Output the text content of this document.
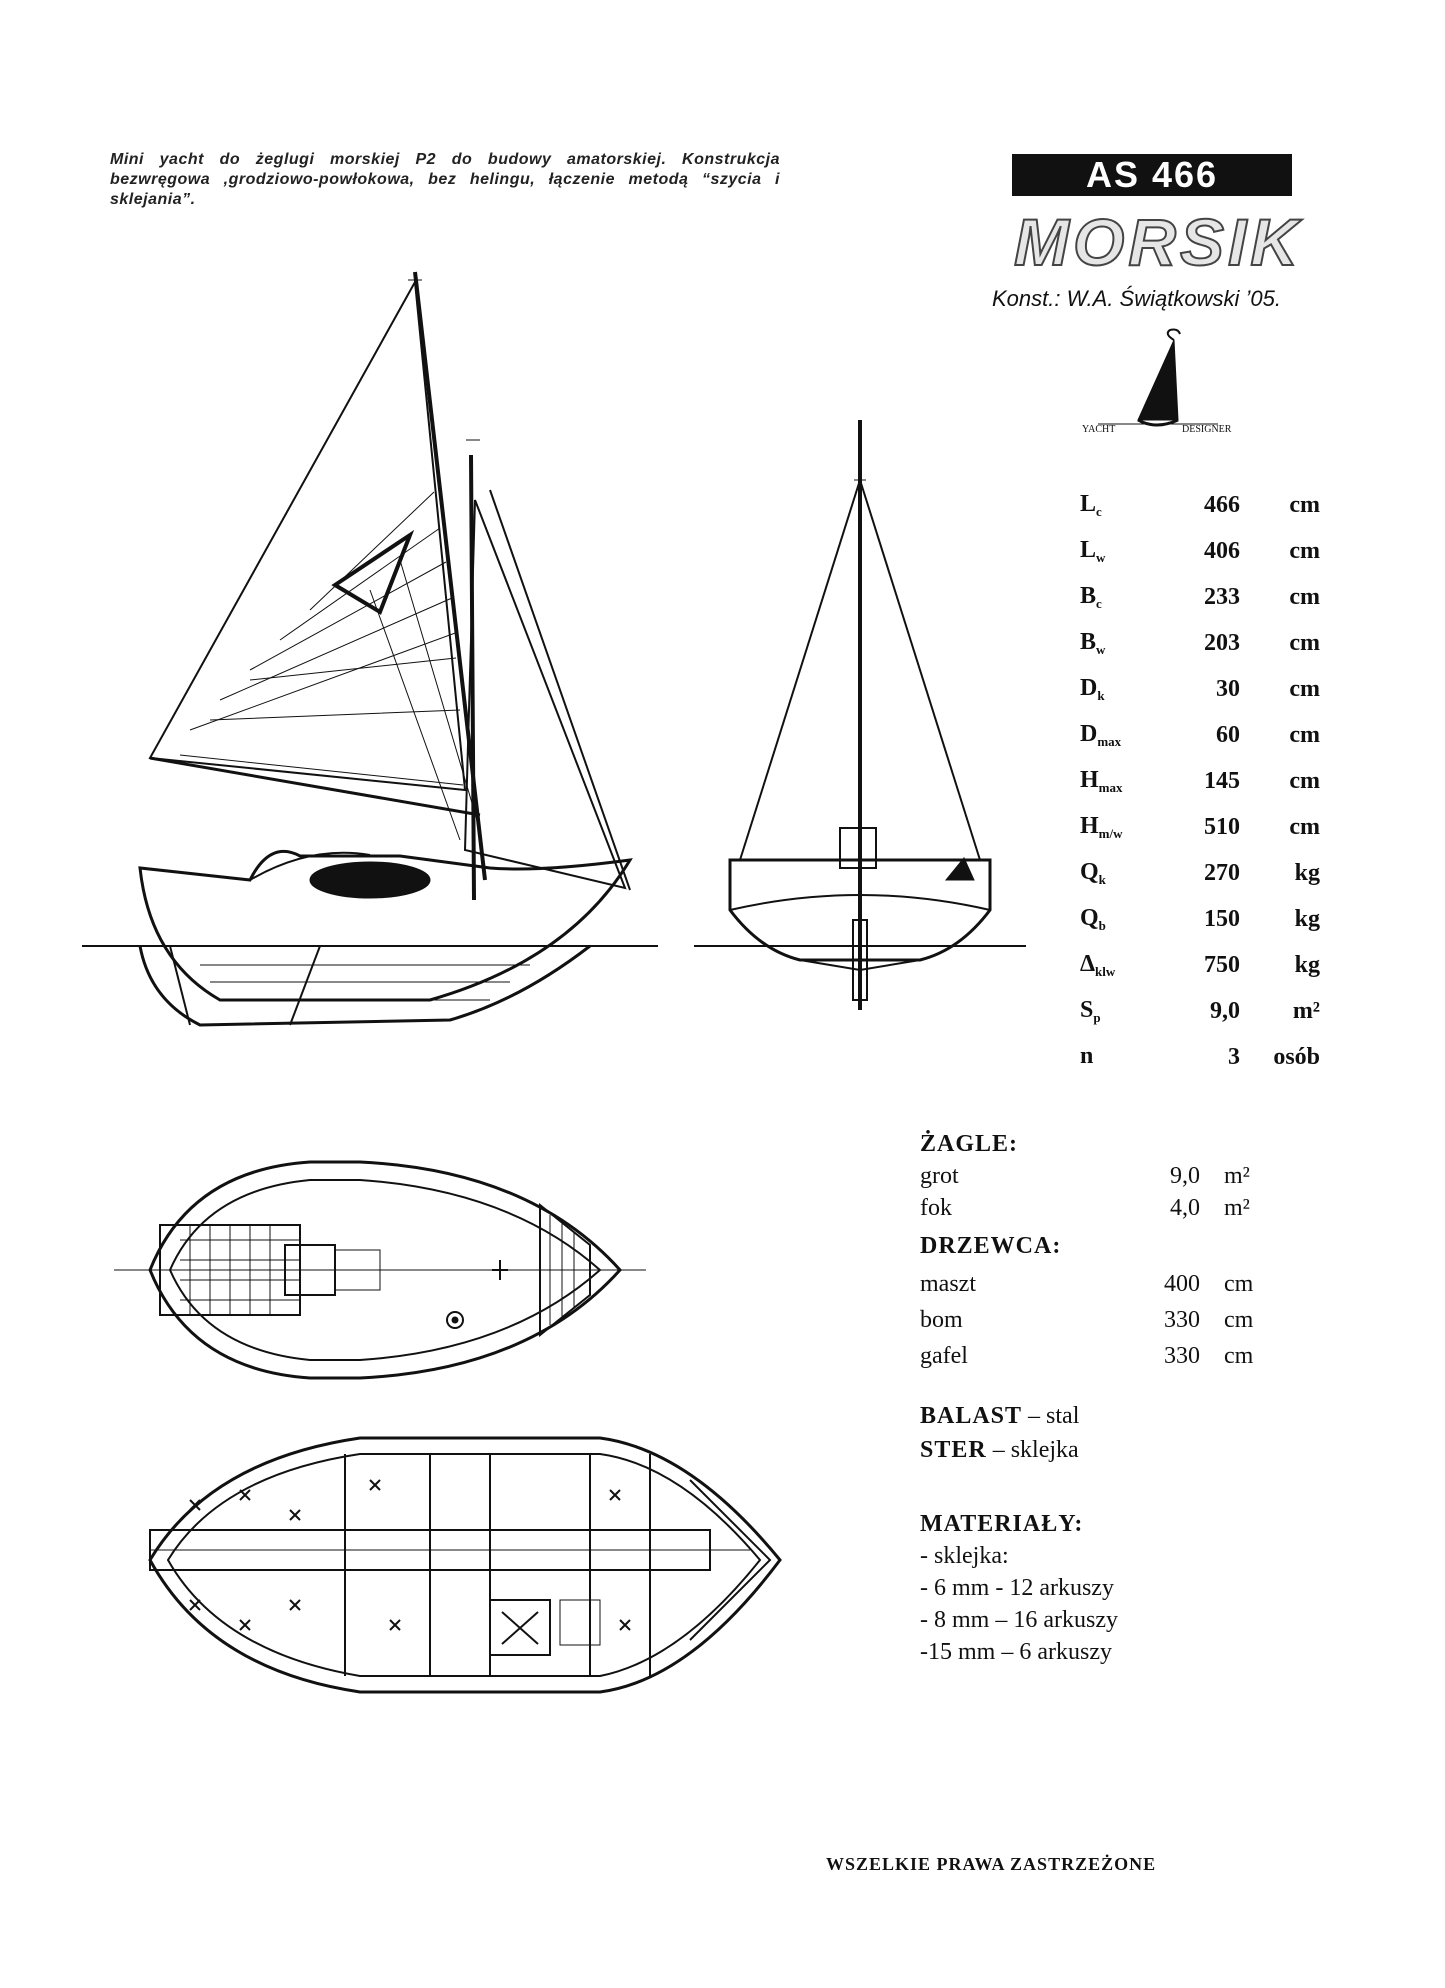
Mini yacht do żeglugi morskiej P2 do budowy amatorskiej. Konstrukcja bezwręgowa ,grodziowo-powłokowa, bez helingu, łączenie metodą “szycia i sklejania”.
AS 466
MORSIK
Konst.: W.A. Świątkowski ’05.
YACHT	DESIGNER
$L_c$	466	cm
$L_w$	406	cm
$B_c$	233	cm
$B_w$	203	cm
$D_k$	30	cm
$D_{max}$	60	cm
$H_{max}$	145	cm
$H_{m/w}$	510	cm
$Q_k$	270	kg
$Q_b$	150	kg
$\Delta_{klw}$	750	kg
$S_p$	9,0	m²
n	3	osób
ŻAGLE:
grot	9,0 m²
fok	4,0 m²
DRZEWCA:
maszt	400 cm
bom	330 cm
gafel	330 cm
BALAST – stal
STER – sklejka
MATERIAŁY:
- sklejka:
- 6 mm - 12 arkuszy
- 8 mm – 16 arkuszy
-15 mm – 6 arkuszy
WSZELKIE PRAWA ZASTRZEŻONE
